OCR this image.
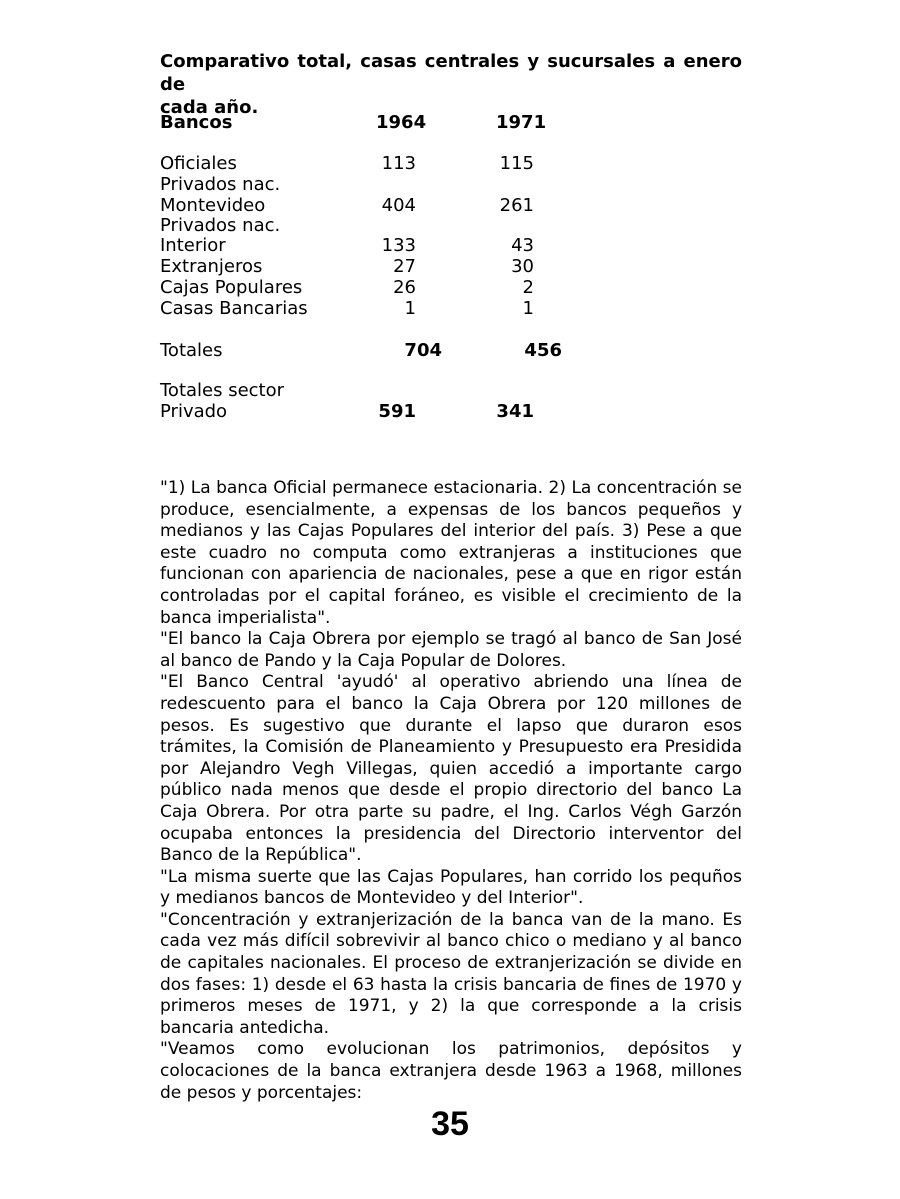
Comparativo total, casas centrales y sucursales a enero de
cada año.
Bancos	1964	1971
Oficiales	113	115
Privados nac.
Montevideo	404	261
Privados nac.
Interior	133	43
Extranjeros	27	30
Cajas Populares	26	2
Casas Bancarias	1	1
Totales	704	456
Totales sector
Privado	591	341

"1) La banca Oficial permanece estacionaria. 2) La concentración se produce, esencialmente, a expensas de los bancos pequeños y medianos y las Cajas Populares del interior del país. 3) Pese a que este cuadro no computa como extranjeras a instituciones que funcionan con apariencia de nacionales, pese a que en rigor están controladas por el capital foráneo, es visible el crecimiento de la banca imperialista".

"El banco la Caja Obrera por ejemplo se tragó al banco de San José al banco de Pando y la Caja Popular de Dolores.

"El Banco Central 'ayudó' al operativo abriendo una línea de redescuento para el banco la Caja Obrera por 120 millones de pesos. Es sugestivo que durante el lapso que duraron esos trámites, la Comisión de Planeamiento y Presupuesto era Presidida por Alejandro Vegh Villegas, quien accedió a importante cargo público nada menos que desde el propio directorio del banco La Caja Obrera. Por otra parte su padre, el Ing. Carlos Végh Garzón ocupaba entonces la presidencia del Directorio interventor del Banco de la República".

"La misma suerte que las Cajas Populares, han corrido los pequños y medianos bancos de Montevideo y del Interior".

"Concentración y extranjerización de la banca van de la mano. Es cada vez más difícil sobrevivir al banco chico o mediano y al banco de capitales nacionales. El proceso de extranjerización se divide en dos fases: 1) desde el 63 hasta la crisis bancaria de fines de 1970 y primeros meses de 1971, y 2) la que corresponde a la crisis bancaria antedicha.

"Veamos como evolucionan los patrimonios, depósitos y colocaciones de la banca extranjera desde 1963 a 1968, millones de pesos y porcentajes:

35
